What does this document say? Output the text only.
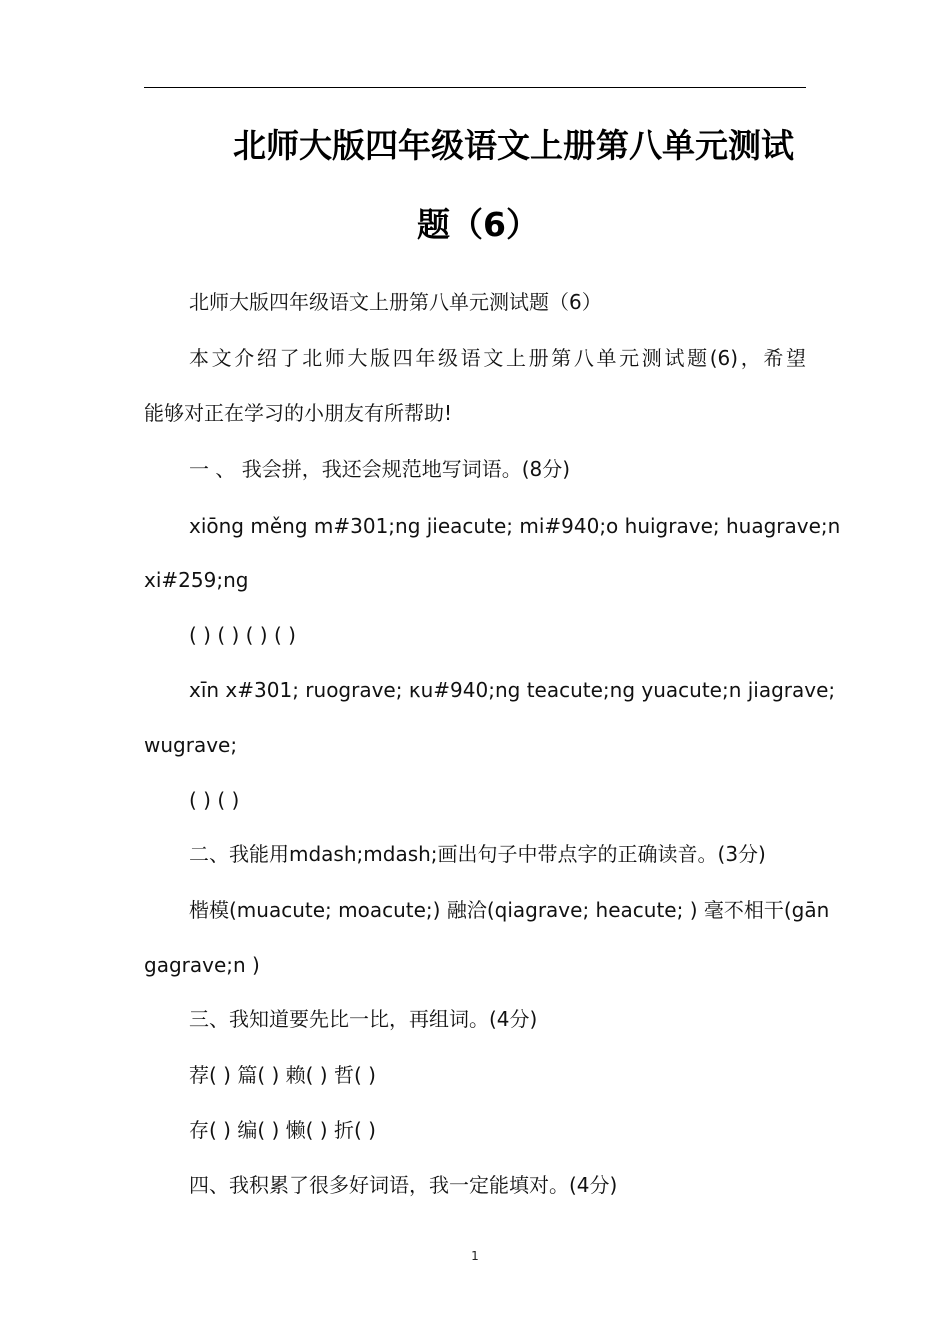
北师大版四年级语文上册第八单元测试
题（6）
北师大版四年级语文上册第八单元测试题（6）
本文介绍了北师大版四年级语文上册第八单元测试题(6)，希望
能够对正在学习的小朋友有所帮助!
一 、 我会拼，我还会规范地写词语。(8分)
xiōng měng m#301;ng jieacute; mi#940;o huigrave; huagrave;n
xi#259;ng
( ) ( ) ( ) ( )
xīn x#301; ruograve; κu#940;ng teacute;ng yuacute;n jiagrave;
wugrave;
( ) ( )
二、我能用mdash;mdash;画出句子中带点字的正确读音。(3分)
楷模(muacute; moacute;) 融洽(qiagrave; heacute; ) 毫不相干(gān
gagrave;n )
三、我知道要先比一比，再组词。(4分)
荐( ) 篇( ) 赖( ) 哲( )
存( ) 编( ) 懒( ) 折( )
四、我积累了很多好词语，我一定能填对。(4分)
1
